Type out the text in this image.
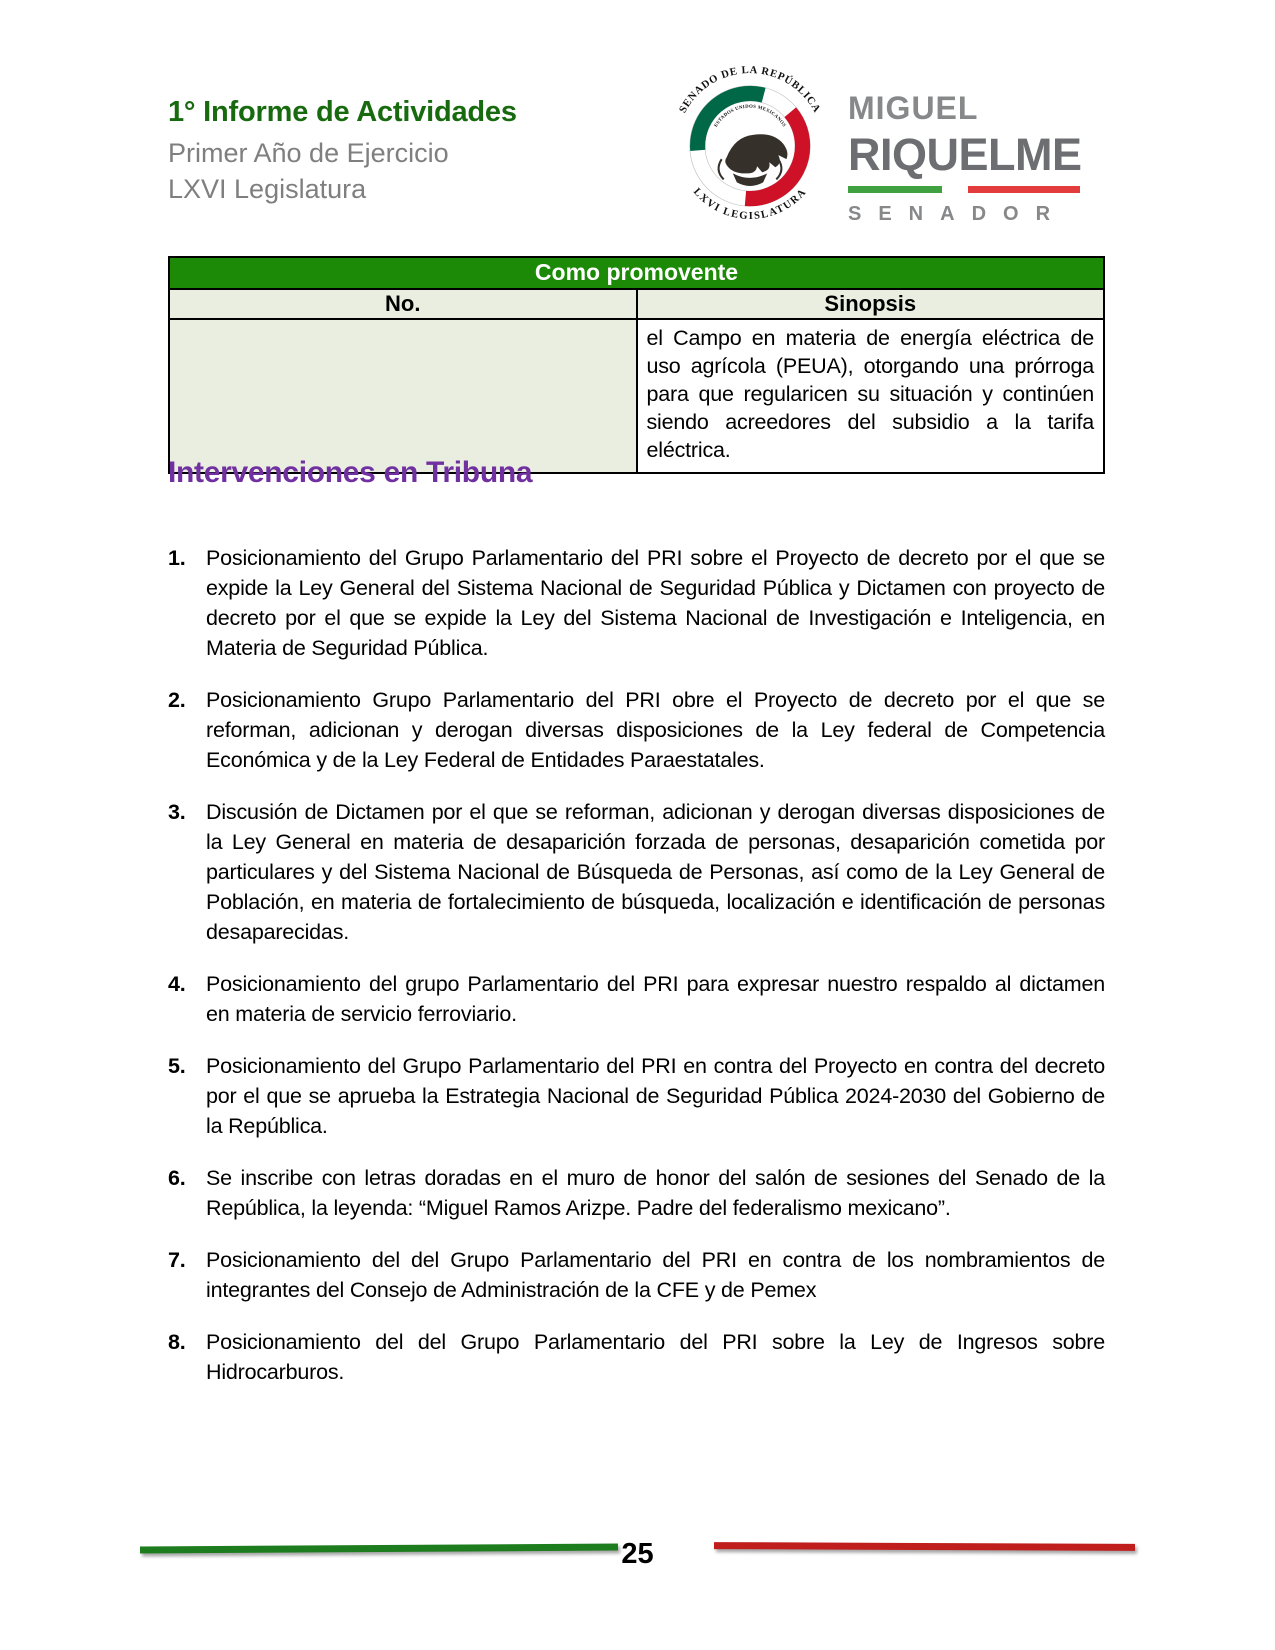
1° Informe de Actividades
Primer Año de Ejercicio
LXVI Legislatura
SENADO DE LA REPÚBLICA
LXVI LEGISLATURA
ESTADOS UNIDOS MEXICANOS MIGUEL
RIQUELME
SENADOR
Como promovente	
No.	Sinopsis
	el Campo en materia de energía eléctrica de uso agrícola (PEUA), otorgando una prórroga para que regularicen su situación y continúen siendo acreedores del subsidio a la tarifa eléctrica.
Intervenciones en Tribuna
1. Posicionamiento del Grupo Parlamentario del PRI sobre el Proyecto de decreto por el que se expide la Ley General del Sistema Nacional de Seguridad Pública y Dictamen con proyecto de decreto por el que se expide la Ley del Sistema Nacional de Investigación e Inteligencia, en Materia de Seguridad Pública.
2. Posicionamiento Grupo Parlamentario del PRI obre el Proyecto de decreto por el que se reforman, adicionan y derogan diversas disposiciones de la Ley federal de Competencia Económica y de la Ley Federal de Entidades Paraestatales.
3. Discusión de Dictamen por el que se reforman, adicionan y derogan diversas disposiciones de la Ley General en materia de desaparición forzada de personas, desaparición cometida por particulares y del Sistema Nacional de Búsqueda de Personas, así como de la Ley General de Población, en materia de fortalecimiento de búsqueda, localización e identificación de personas desaparecidas.
4. Posicionamiento del grupo Parlamentario del PRI para expresar nuestro respaldo al dictamen en materia de servicio ferroviario.
5. Posicionamiento del Grupo Parlamentario del PRI en contra del Proyecto en contra del decreto por el que se aprueba la Estrategia Nacional de Seguridad Pública 2024-2030 del Gobierno de la República.
6. Se inscribe con letras doradas en el muro de honor del salón de sesiones del Senado de la República, la leyenda: “Miguel Ramos Arizpe. Padre del federalismo mexicano”.
7. Posicionamiento del del Grupo Parlamentario del PRI en contra de los nombramientos de integrantes del Consejo de Administración de la CFE y de Pemex
8. Posicionamiento del del Grupo Parlamentario del PRI sobre la Ley de Ingresos sobre Hidrocarburos.
25
